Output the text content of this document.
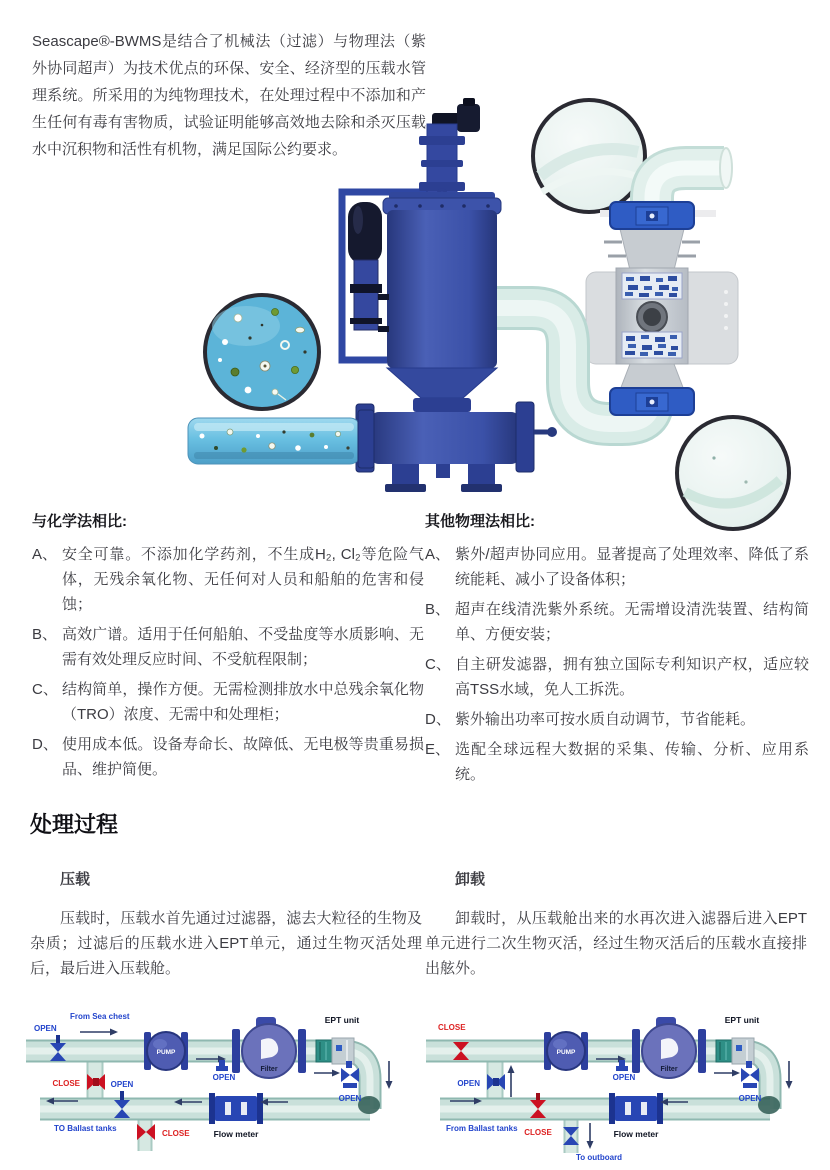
Seascape®-BWMS是结合了机械法（过滤）与物理法（紫外协同超声）为技术优点的环保、安全、经济型的压载水管理系统。所采用的为纯物理技术，在处理过程中不添加和产生任何有毒有害物质，试验证明能够高效地去除和杀灭压载水中沉积物和活性有机物，满足国际公约要求。
与化学法相比:
A、 安全可靠。不添加化学药剂，不生成H₂, Cl₂等危险气体，无残余氧化物、无任何对人员和船舶的危害和侵蚀；
B、 高效广谱。适用于任何船舶、不受盐度等水质影响、无需有效处理反应时间、不受航程限制；
C、 结构简单，操作方便。无需检测排放水中总残余氧化物（TRO）浓度、无需中和处理柜；
D、 使用成本低。设备寿命长、故障低、无电极等贵重易损品、维护简便。
其他物理法相比:
A、 紫外/超声协同应用。显著提高了处理效率、降低了系统能耗、减小了设备体积；
B、 超声在线清洗紫外系统。无需增设清洗装置、结构简单、方便安装；
C、 自主研发滤器，拥有独立国际专利知识产权，适应较高TSS水域，免人工拆洗。
D、 紫外输出功率可按水质自动调节，节省能耗。
E、 选配全球远程大数据的采集、传输、分析、应用系统。
处理过程

压载

压载时，压载水首先通过过滤器，滤去大粒径的生物及杂质；过滤后的压载水进入EPT单元，通过生物灭活处理后，最后进入压载舱。

卸载

卸载时，从压载舱出来的水再次进入滤器后进入EPT单元进行二次生物灭活，经过生物灭活后的压载水直接排出舷外。

OPEN
From Sea chest
CLOSE	OPEN
CLOSE
TO Ballast tanks
PUMP
OPEN
Filter
EPT unit
OPEN
Flow meter
CLOSE
OPEN
From Ballast tanks CLOSE
To outboard
PUMP
OPEN
Filter
EPT unit
OPEN
Flow meter
